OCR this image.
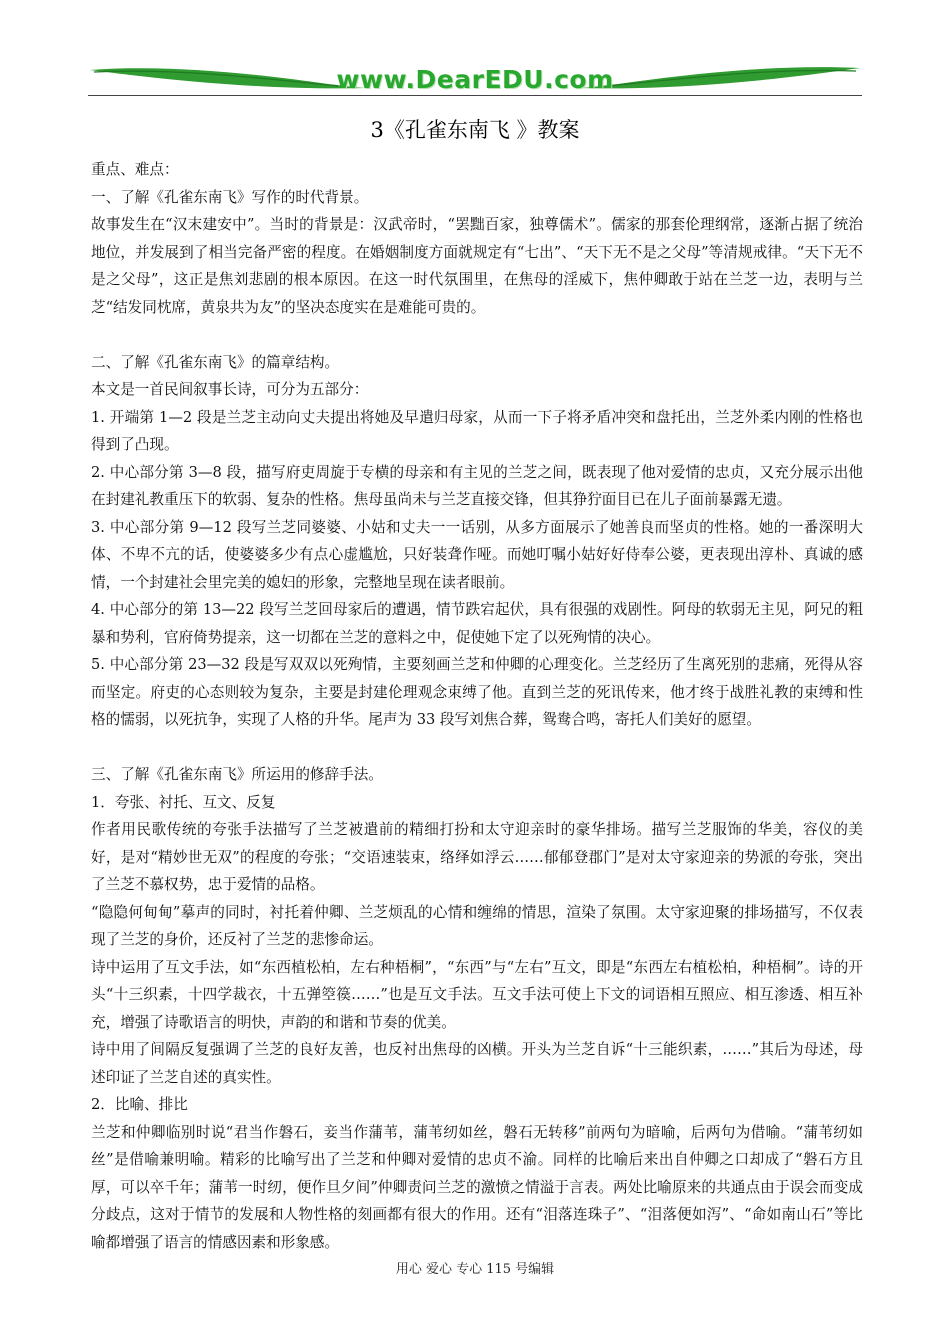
www.DearEDU.com
3《孔雀东南飞 》教案

重点、难点：

一、了解《孔雀东南飞》写作的时代背景。

故事发生在“汉末建安中”。当时的背景是：汉武帝时，“罢黜百家，独尊儒术”。儒家的那套伦理纲常，逐渐占据了统治地位，并发展到了相当完备严密的程度。在婚姻制度方面就规定有“七出”、“天下无不是之父母”等清规戒律。“天下无不是之父母”，这正是焦刘悲剧的根本原因。在这一时代氛围里，在焦母的淫威下，焦仲卿敢于站在兰芝一边，表明与兰芝“结发同枕席，黄泉共为友”的坚决态度实在是难能可贵的。

二、了解《孔雀东南飞》的篇章结构。

本文是一首民间叙事长诗，可分为五部分：

1. 开端第 1—2 段是兰芝主动向丈夫提出将她及早遣归母家，从而一下子将矛盾冲突和盘托出，兰芝外柔内刚的性格也得到了凸现。

2. 中心部分第 3—8 段，描写府吏周旋于专横的母亲和有主见的兰芝之间，既表现了他对爱情的忠贞，又充分展示出他在封建礼教重压下的软弱、复杂的性格。焦母虽尚未与兰芝直接交锋，但其狰狞面目已在儿子面前暴露无遗。

3. 中心部分第 9—12 段写兰芝同婆婆、小姑和丈夫一一话别，从多方面展示了她善良而坚贞的性格。她的一番深明大体、不卑不亢的话，使婆婆多少有点心虚尴尬，只好装聋作哑。而她叮嘱小姑好好侍奉公婆，更表现出淳朴、真诚的感情，一个封建社会里完美的媳妇的形象，完整地呈现在读者眼前。

4. 中心部分的第 13—22 段写兰芝回母家后的遭遇，情节跌宕起伏，具有很强的戏剧性。阿母的软弱无主见，阿兄的粗暴和势利，官府倚势提亲，这一切都在兰芝的意料之中，促使她下定了以死殉情的决心。

5. 中心部分第 23—32 段是写双双以死殉情，主要刻画兰芝和仲卿的心理变化。兰芝经历了生离死别的悲痛，死得从容而坚定。府吏的心态则较为复杂，主要是封建伦理观念束缚了他。直到兰芝的死讯传来，他才终于战胜礼教的束缚和性格的懦弱，以死抗争，实现了人格的升华。尾声为 33 段写刘焦合葬，鸳鸯合鸣，寄托人们美好的愿望。

三、了解《孔雀东南飞》所运用的修辞手法。

1．夸张、衬托、互文、反复

作者用民歌传统的夸张手法描写了兰芝被遣前的精细打扮和太守迎亲时的豪华排场。描写兰芝服饰的华美，容仪的美好，是对“精妙世无双”的程度的夸张；“交语速装束，络绎如浮云……郁郁登郡门”是对太守家迎亲的势派的夸张，突出了兰芝不慕权势，忠于爱情的品格。

“隐隐何甸甸”摹声的同时，衬托着仲卿、兰芝烦乱的心情和缠绵的情思，渲染了氛围。太守家迎聚的排场描写，不仅表现了兰芝的身价，还反衬了兰芝的悲惨命运。

诗中运用了互文手法，如“东西植松柏，左右种梧桐”，“东西”与“左右”互文，即是“东西左右植松柏，种梧桐”。诗的开头“十三织素，十四学裁衣，十五弹箜篌……”也是互文手法。互文手法可使上下文的词语相互照应、相互渗透、相互补充，增强了诗歌语言的明快，声韵的和谐和节奏的优美。

诗中用了间隔反复强调了兰芝的良好友善，也反衬出焦母的凶横。开头为兰芝自诉“十三能织素，……”其后为母述，母述印证了兰芝自述的真实性。

2．比喻、排比

兰芝和仲卿临别时说“君当作磐石，妾当作蒲苇，蒲苇纫如丝，磐石无转移”前两句为暗喻，后两句为借喻。“蒲苇纫如丝”是借喻兼明喻。精彩的比喻写出了兰芝和仲卿对爱情的忠贞不渝。同样的比喻后来出自仲卿之口却成了“磐石方且厚，可以卒千年；蒲苇一时纫，便作旦夕间”仲卿责问兰芝的激愤之情溢于言表。两处比喻原来的共通点由于误会而变成分歧点，这对于情节的发展和人物性格的刻画都有很大的作用。还有“泪落连珠子”、“泪落便如泻”、“命如南山石”等比喻都增强了语言的情感因素和形象感。

用心 爱心 专心 115 号编辑
